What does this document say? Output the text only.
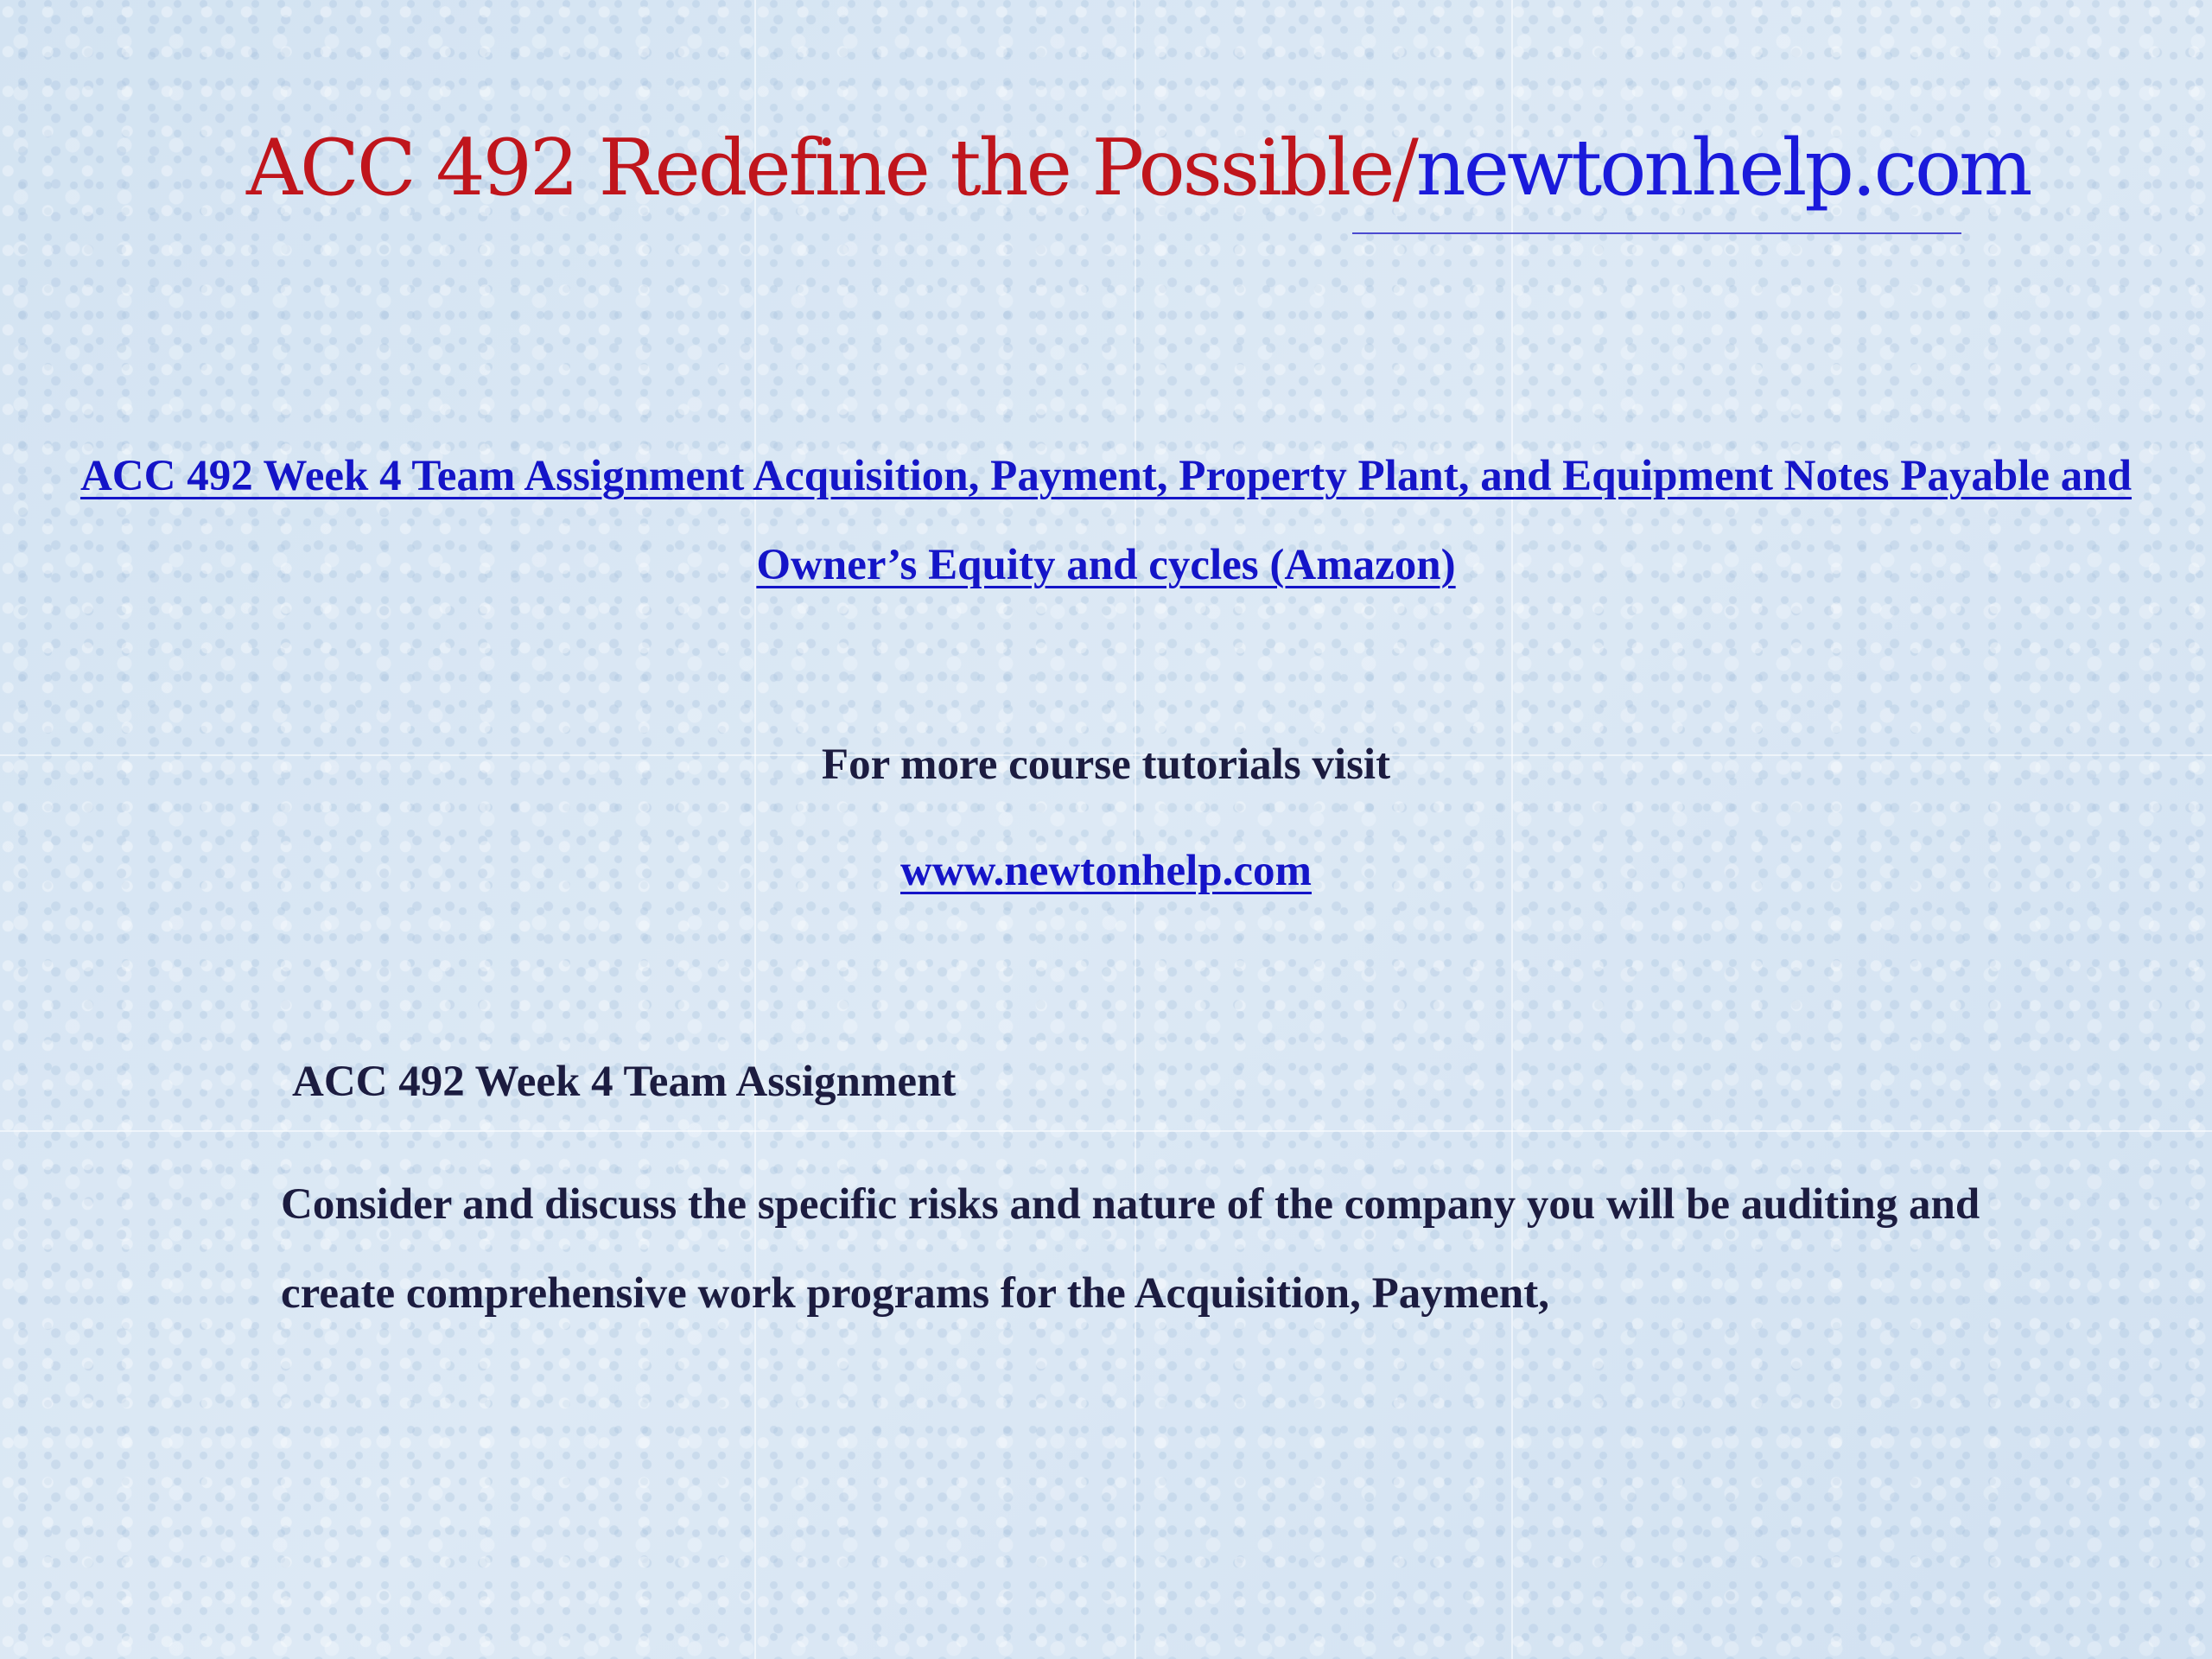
ACC 492 Redefine the Possible/newtonhelp.com
ACC 492 Week 4 Team Assignment Acquisition, Payment, Property Plant, and Equipment Notes Payable and Owner’s Equity and cycles (Amazon)
For more course tutorials visit
www.newtonhelp.com
ACC 492 Week 4 Team Assignment
Consider and discuss the specific risks and nature of the company you will be auditing and create comprehensive work programs for the Acquisition, Payment,
